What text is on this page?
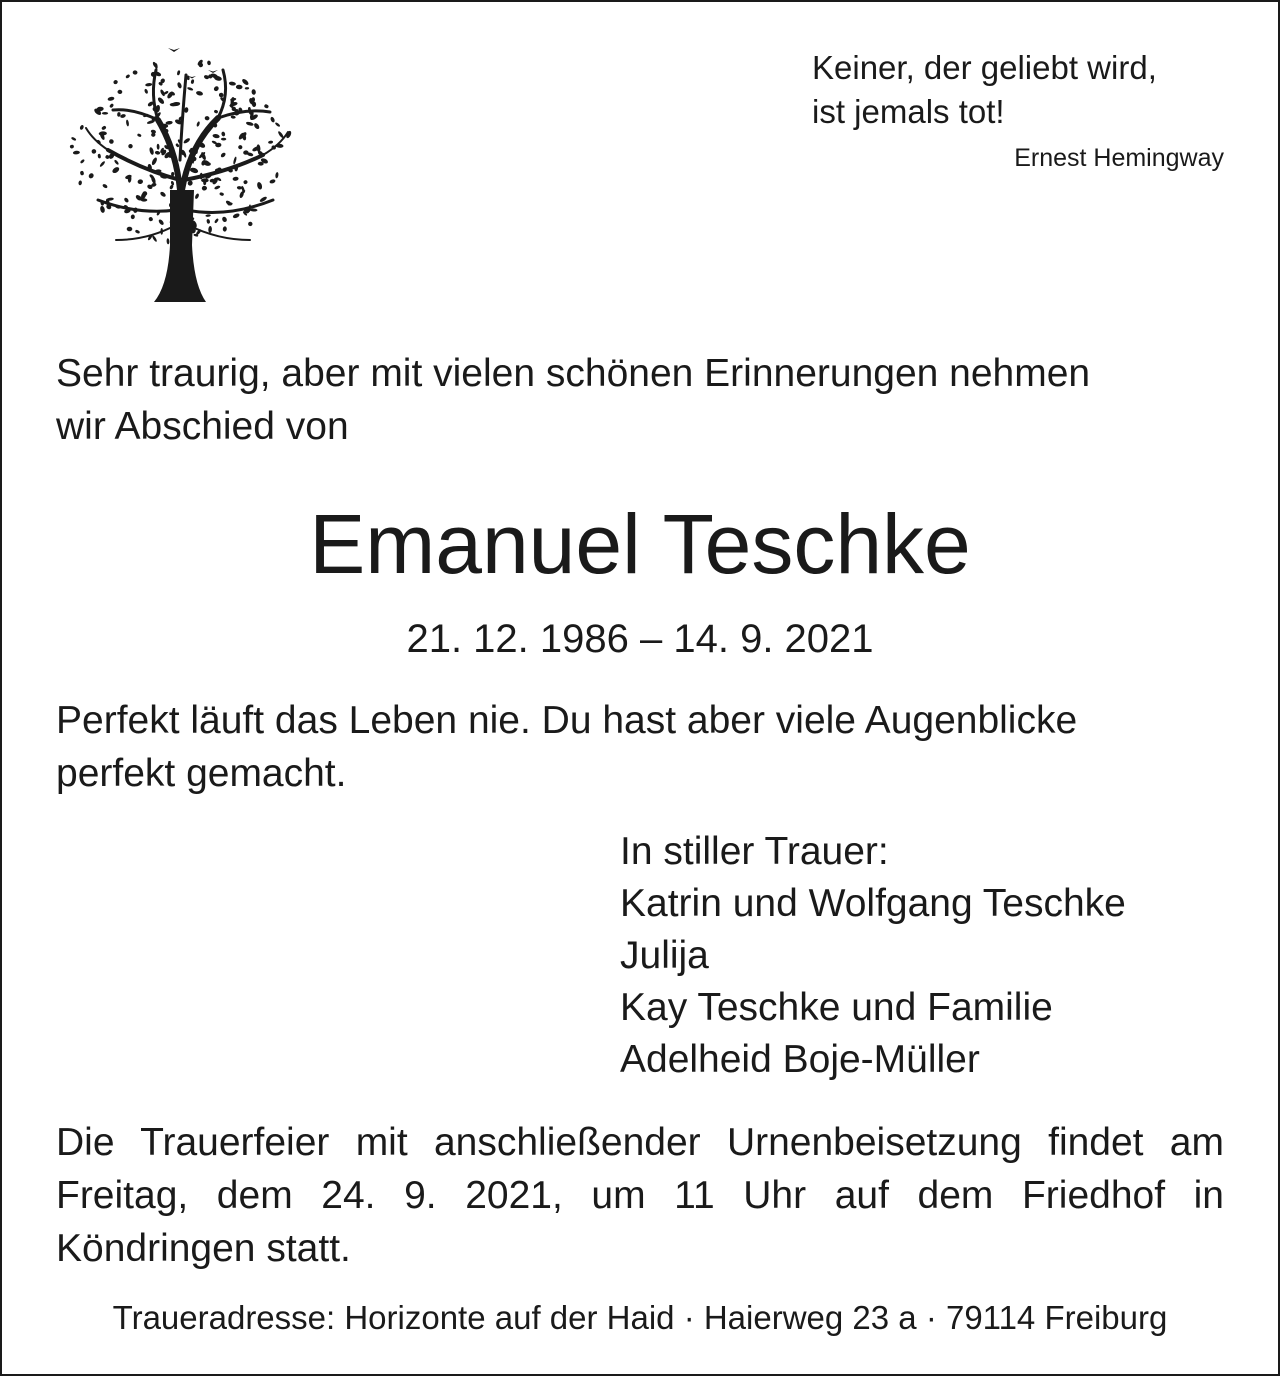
Keiner, der geliebt wird,
ist jemals tot!
Ernest Hemingway
Sehr traurig, aber mit vielen schönen Erinnerungen nehmen
wir Abschied von
Emanuel Teschke
21. 12. 1986 – 14. 9. 2021
Perfekt läuft das Leben nie. Du hast aber viele Augenblicke
perfekt gemacht.
In stiller Trauer:
Katrin und Wolfgang Teschke
Julija
Kay Teschke und Familie
Adelheid Boje-Müller
Die Trauerfeier mit anschließender Urnenbeisetzung findet am Freitag, dem 24. 9. 2021, um 11 Uhr auf dem Friedhof in Köndringen statt.
Traueradresse: Horizonte auf der Haid · Haierweg 23 a · 79114 Freiburg
